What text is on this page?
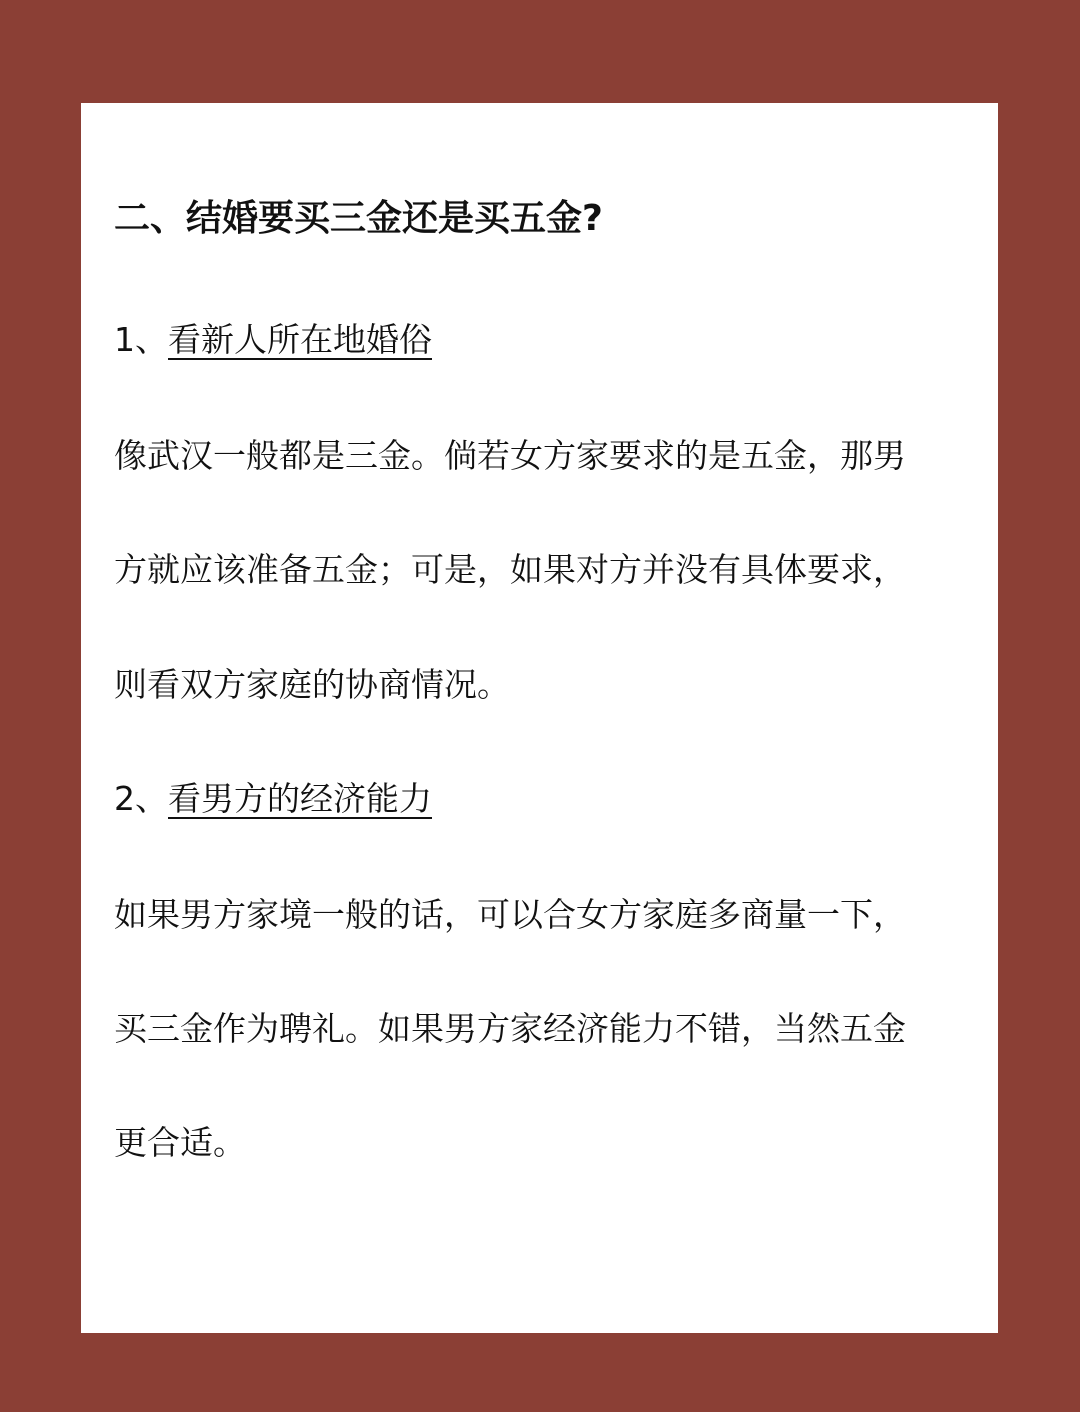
二、结婚要买三金还是买五金?

1、看新人所在地婚俗

像武汉一般都是三金。倘若女方家要求的是五金，那男

方就应该准备五金；可是，如果对方并没有具体要求，

则看双方家庭的协商情况。

2、看男方的经济能力

如果男方家境一般的话，可以合女方家庭多商量一下，

买三金作为聘礼。如果男方家经济能力不错，当然五金

更合适。
